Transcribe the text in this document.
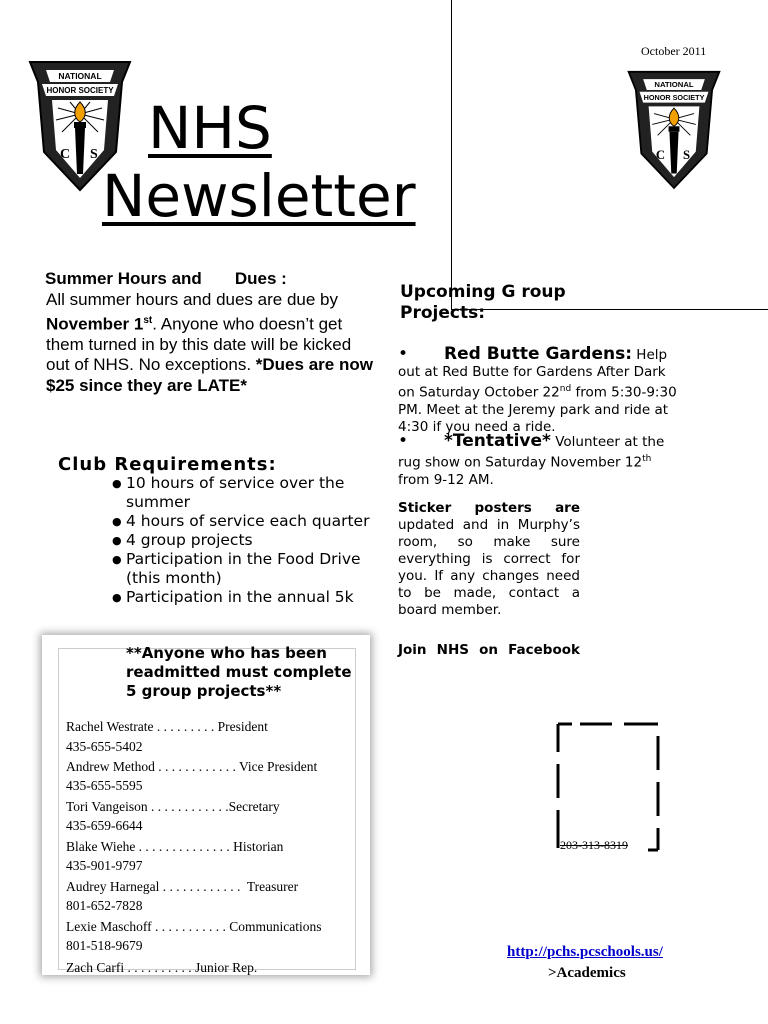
October 2011
NATIONAL
HONOR SOCIETY
C S
NATIONAL
HONOR SOCIETY
C S
NHS
Newsletter
Summer Hours and       Dues :
All summer hours and dues are due by November 1st. Anyone who doesn’t get them turned in by this date will be kicked out of NHS. No exceptions. *Dues are now $25 since they are LATE*
Club Requirements:
● 10 hours of service over the summer
● 4 hours of service each quarter
● 4 group projects
● Participation in the Food Drive (this month)
● Participation in the annual 5k
**Anyone who has been readmitted must complete 5 group projects**
Rachel Westrate . . . . . . . . . President
435-655-5402
Andrew Method . . . . . . . . . . . . Vice President
435-655-5595
Tori Vangeison . . . . . . . . . . . .Secretary
435-659-6644
Blake Wiehe . . . . . . . . . . . . . . Historian
435-901-9797
Audrey Harnegal . . . . . . . . . . . .  Treasurer
801-652-7828
Lexie Maschoff . . . . . . . . . . . Communications
801-518-9679
Zach Carfi . . . . . . . . . . Junior Rep.
Upcoming G roup Projects:
• Red Butte Gardens: Help out at Red Butte for Gardens After Dark on Saturday October 22nd from 5:30-9:30 PM. Meet at the Jeremy park and ride at 4:30 if you need a ride.
• *Tentative* Volunteer at the rug show on Saturday November 12th from 9-12 AM.
Sticker posters are updated and in Murphy’s room, so make sure everything is correct for you. If any changes need to be made, contact a board member.
Join NHS on Facebook
203-313-8319
http://pchs.pcschools.us/
>Academics
